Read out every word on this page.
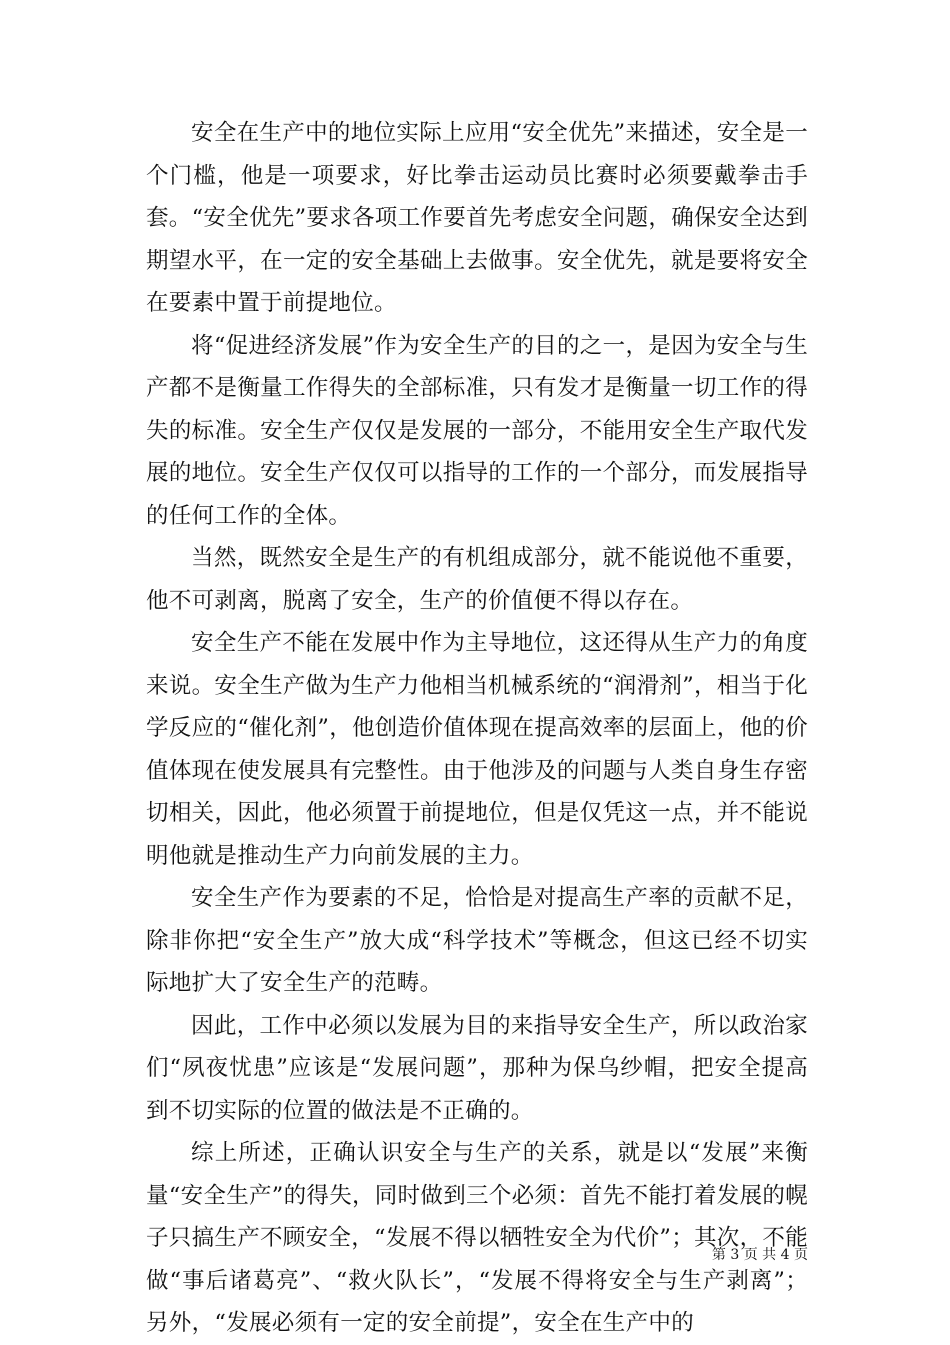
安全在生产中的地位实际上应用“安全优先”来描述，安全是一个门槛，他是一项要求，好比拳击运动员比赛时必须要戴拳击手套。“安全优先”要求各项工作要首先考虑安全问题，确保安全达到期望水平，在一定的安全基础上去做事。安全优先，就是要将安全在要素中置于前提地位。

将“促进经济发展”作为安全生产的目的之一，是因为安全与生产都不是衡量工作得失的全部标准，只有发才是衡量一切工作的得失的标准。安全生产仅仅是发展的一部分，不能用安全生产取代发展的地位。安全生产仅仅可以指导的工作的一个部分，而发展指导的任何工作的全体。

当然，既然安全是生产的有机组成部分，就不能说他不重要，他不可剥离，脱离了安全，生产的价值便不得以存在。

安全生产不能在发展中作为主导地位，这还得从生产力的角度来说。安全生产做为生产力他相当机械系统的“润滑剂”，相当于化学反应的“催化剂”，他创造价值体现在提高效率的层面上，他的价值体现在使发展具有完整性。由于他涉及的问题与人类自身生存密切相关，因此，他必须置于前提地位，但是仅凭这一点，并不能说明他就是推动生产力向前发展的主力。

安全生产作为要素的不足，恰恰是对提高生产率的贡献不足，除非你把“安全生产”放大成“科学技术”等概念，但这已经不切实际地扩大了安全生产的范畴。

因此，工作中必须以发展为目的来指导安全生产，所以政治家们“夙夜忧患”应该是“发展问题”，那种为保乌纱帽，把安全提高到不切实际的位置的做法是不正确的。

综上所述，正确认识安全与生产的关系，就是以“发展”来衡量“安全生产”的得失，同时做到三个必须：首先不能打着发展的幌子只搞生产不顾安全，“发展不得以牺牲安全为代价”；其次，不能做“事后诸葛亮”、“救火队长”，“发展不得将安全与生产剥离”；另外，“发展必须有一定的安全前提”，安全在生产中的

第 3 页 共 4 页
